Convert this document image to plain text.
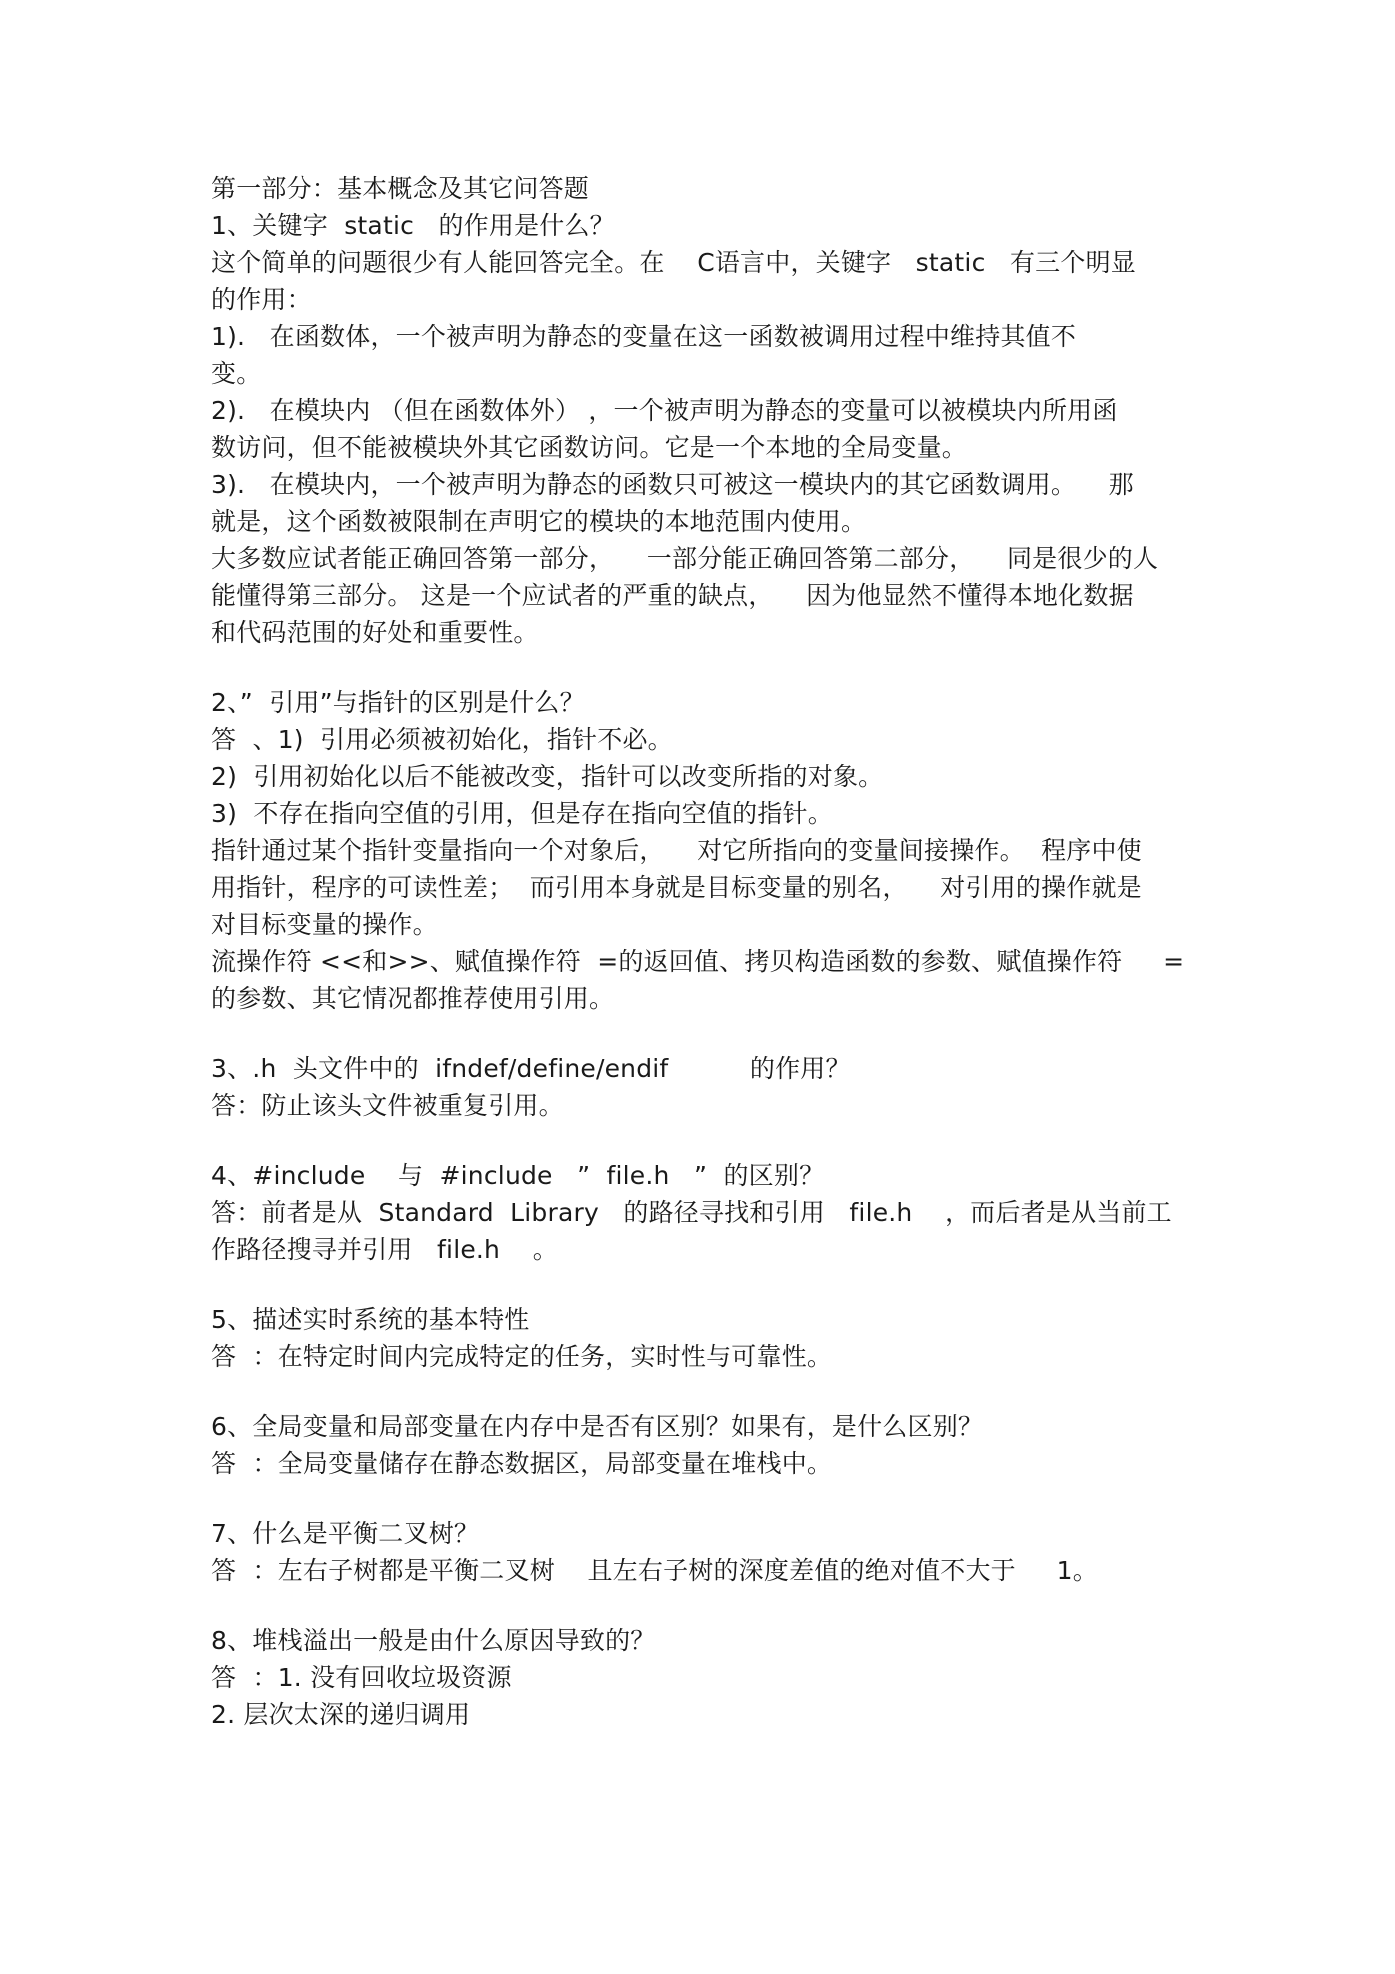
第一部分：基本概念及其它问答题
1、关键字  static   的作用是什么？
这个简单的问题很少有人能回答完全。在    C语言中，关键字   static   有三个明显
的作用：
1).   在函数体，一个被声明为静态的变量在这一函数被调用过程中维持其值不
变。
2).   在模块内 （但在函数体外） ，一个被声明为静态的变量可以被模块内所用函
数访问，但不能被模块外其它函数访问。它是一个本地的全局变量。
3).   在模块内，一个被声明为静态的函数只可被这一模块内的其它函数调用。    那
就是，这个函数被限制在声明它的模块的本地范围内使用。
大多数应试者能正确回答第一部分，    一部分能正确回答第二部分，    同是很少的人
能懂得第三部分。 这是一个应试者的严重的缺点，    因为他显然不懂得本地化数据
和代码范围的好处和重要性。
2、”  引用”与指针的区别是什么？
答  、1)  引用必须被初始化，指针不必。
2)  引用初始化以后不能被改变，指针可以改变所指的对象。
3)  不存在指向空值的引用，但是存在指向空值的指针。
指针通过某个指针变量指向一个对象后，    对它所指向的变量间接操作。  程序中使
用指针，程序的可读性差；  而引用本身就是目标变量的别名，    对引用的操作就是
对目标变量的操作。
流操作符 <<和>>、赋值操作符  =的返回值、拷贝构造函数的参数、赋值操作符     =
的参数、其它情况都推荐使用引用。
3、.h  头文件中的  ifndef/define/endif          的作用？
答：防止该头文件被重复引用。
4、#include    与  #include   ”  file.h   ”  的区别？
答：前者是从  Standard  Library   的路径寻找和引用   file.h    ，而后者是从当前工
作路径搜寻并引用   file.h    。
5、描述实时系统的基本特性
答  ：在特定时间内完成特定的任务，实时性与可靠性。
6、全局变量和局部变量在内存中是否有区别？如果有，是什么区别？
答  ：全局变量储存在静态数据区，局部变量在堆栈中。
7、什么是平衡二叉树？
答  ：左右子树都是平衡二叉树    且左右子树的深度差值的绝对值不大于     1。
8、堆栈溢出一般是由什么原因导致的？
答  ：1. 没有回收垃圾资源
2. 层次太深的递归调用
